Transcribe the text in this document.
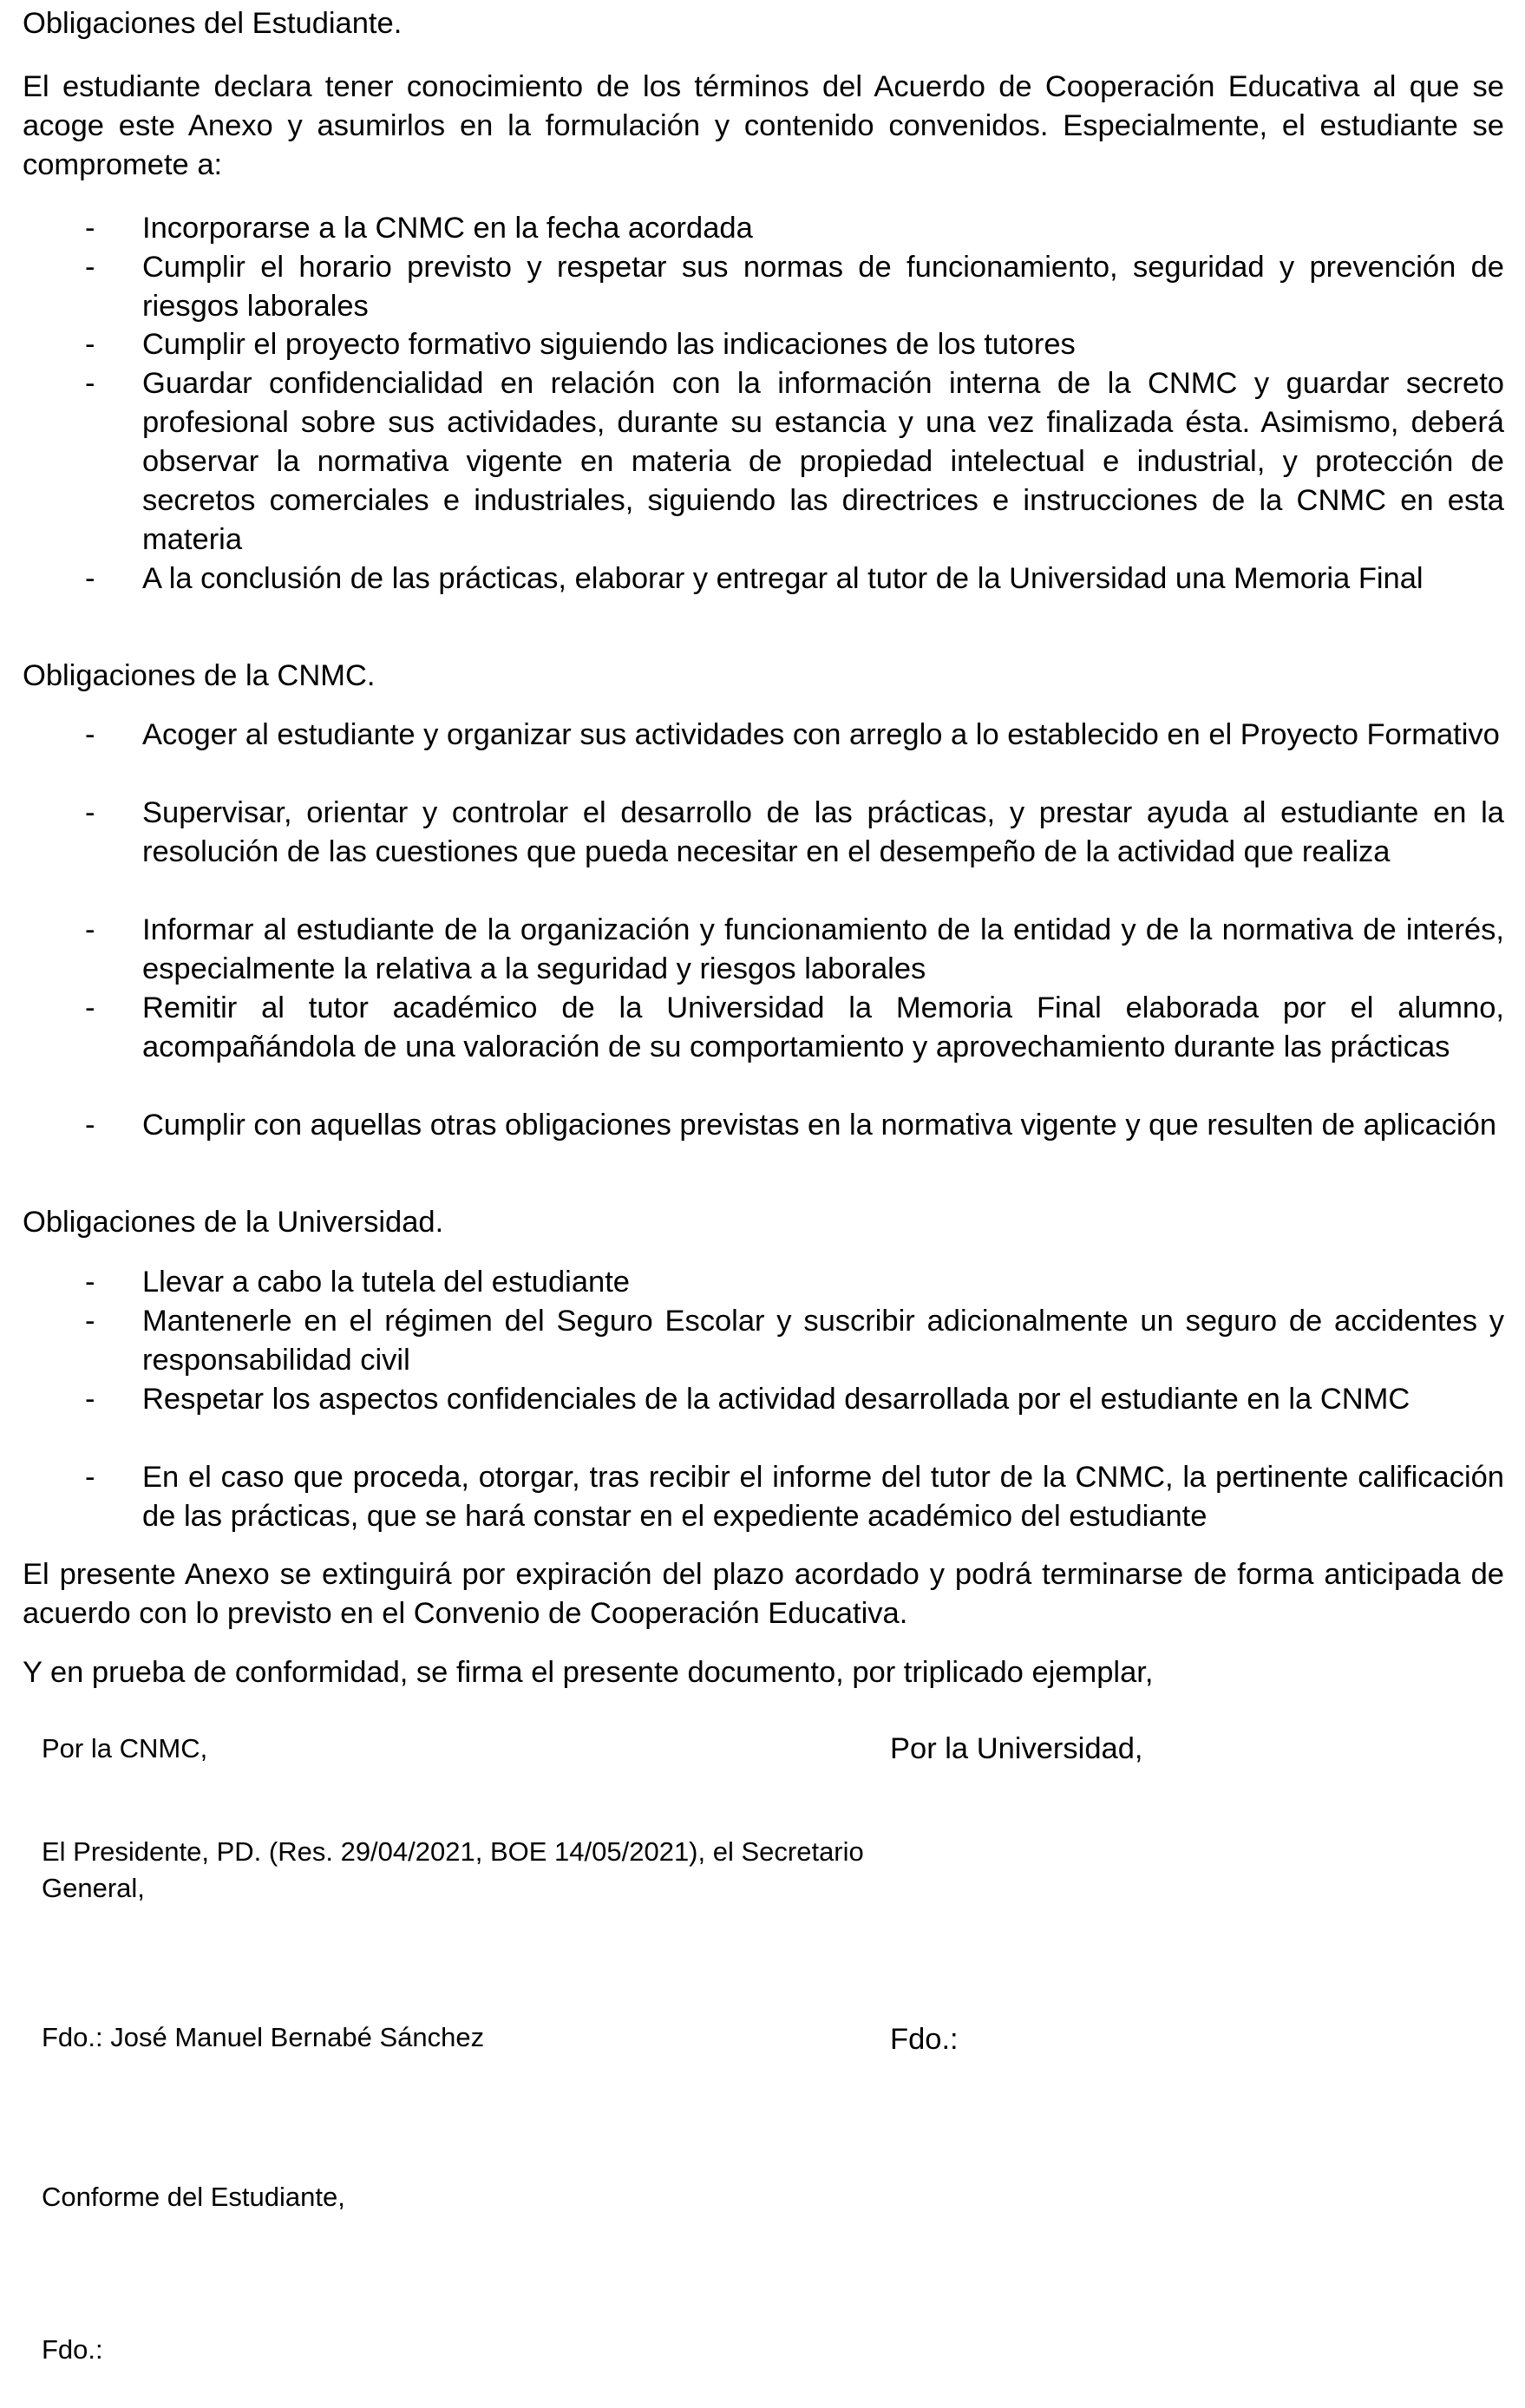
Obligaciones del Estudiante.

El estudiante declara tener conocimiento de los términos del Acuerdo de Cooperación Educativa al que se acoge este Anexo y asumirlos en la formulación y contenido convenidos. Especialmente, el estudiante se compromete a:

- Incorporarse a la CNMC en la fecha acordada
- Cumplir el horario previsto y respetar sus normas de funcionamiento, seguridad y prevención de riesgos laborales
- Cumplir el proyecto formativo siguiendo las indicaciones de los tutores
- Guardar confidencialidad en relación con la información interna de la CNMC y guardar secreto profesional sobre sus actividades, durante su estancia y una vez finalizada ésta. Asimismo, deberá observar la normativa vigente en materia de propiedad intelectual e industrial, y protección de secretos comerciales e industriales, siguiendo las directrices e instrucciones de la CNMC en esta materia
- A la conclusión de las prácticas, elaborar y entregar al tutor de la Universidad una Memoria Final

Obligaciones de la CNMC.

- Acoger al estudiante y organizar sus actividades con arreglo a lo establecido en el Proyecto Formativo
- Supervisar, orientar y controlar el desarrollo de las prácticas, y prestar ayuda al estudiante en la resolución de las cuestiones que pueda necesitar en el desempeño de la actividad que realiza
- Informar al estudiante de la organización y funcionamiento de la entidad y de la normativa de interés, especialmente la relativa a la seguridad y riesgos laborales
- Remitir al tutor académico de la Universidad la Memoria Final elaborada por el alumno, acompañándola de una valoración de su comportamiento y aprovechamiento durante las prácticas
- Cumplir con aquellas otras obligaciones previstas en la normativa vigente y que resulten de aplicación

Obligaciones de la Universidad.

- Llevar a cabo la tutela del estudiante
- Mantenerle en el régimen del Seguro Escolar y suscribir adicionalmente un seguro de accidentes y responsabilidad civil
- Respetar los aspectos confidenciales de la actividad desarrollada por el estudiante en la CNMC
- En el caso que proceda, otorgar, tras recibir el informe del tutor de la CNMC, la pertinente calificación de las prácticas, que se hará constar en el expediente académico del estudiante

El presente Anexo se extinguirá por expiración del plazo acordado y podrá terminarse de forma anticipada de acuerdo con lo previsto en el Convenio de Cooperación Educativa.

Y en prueba de conformidad, se firma el presente documento, por triplicado ejemplar,

Por la CNMC,	Por la Universidad,
El Presidente, PD. (Res. 29/04/2021, BOE 14/05/2021), el Secretario General,
Fdo.: José Manuel Bernabé Sánchez	Fdo.:
Conforme del Estudiante,
Fdo.:
